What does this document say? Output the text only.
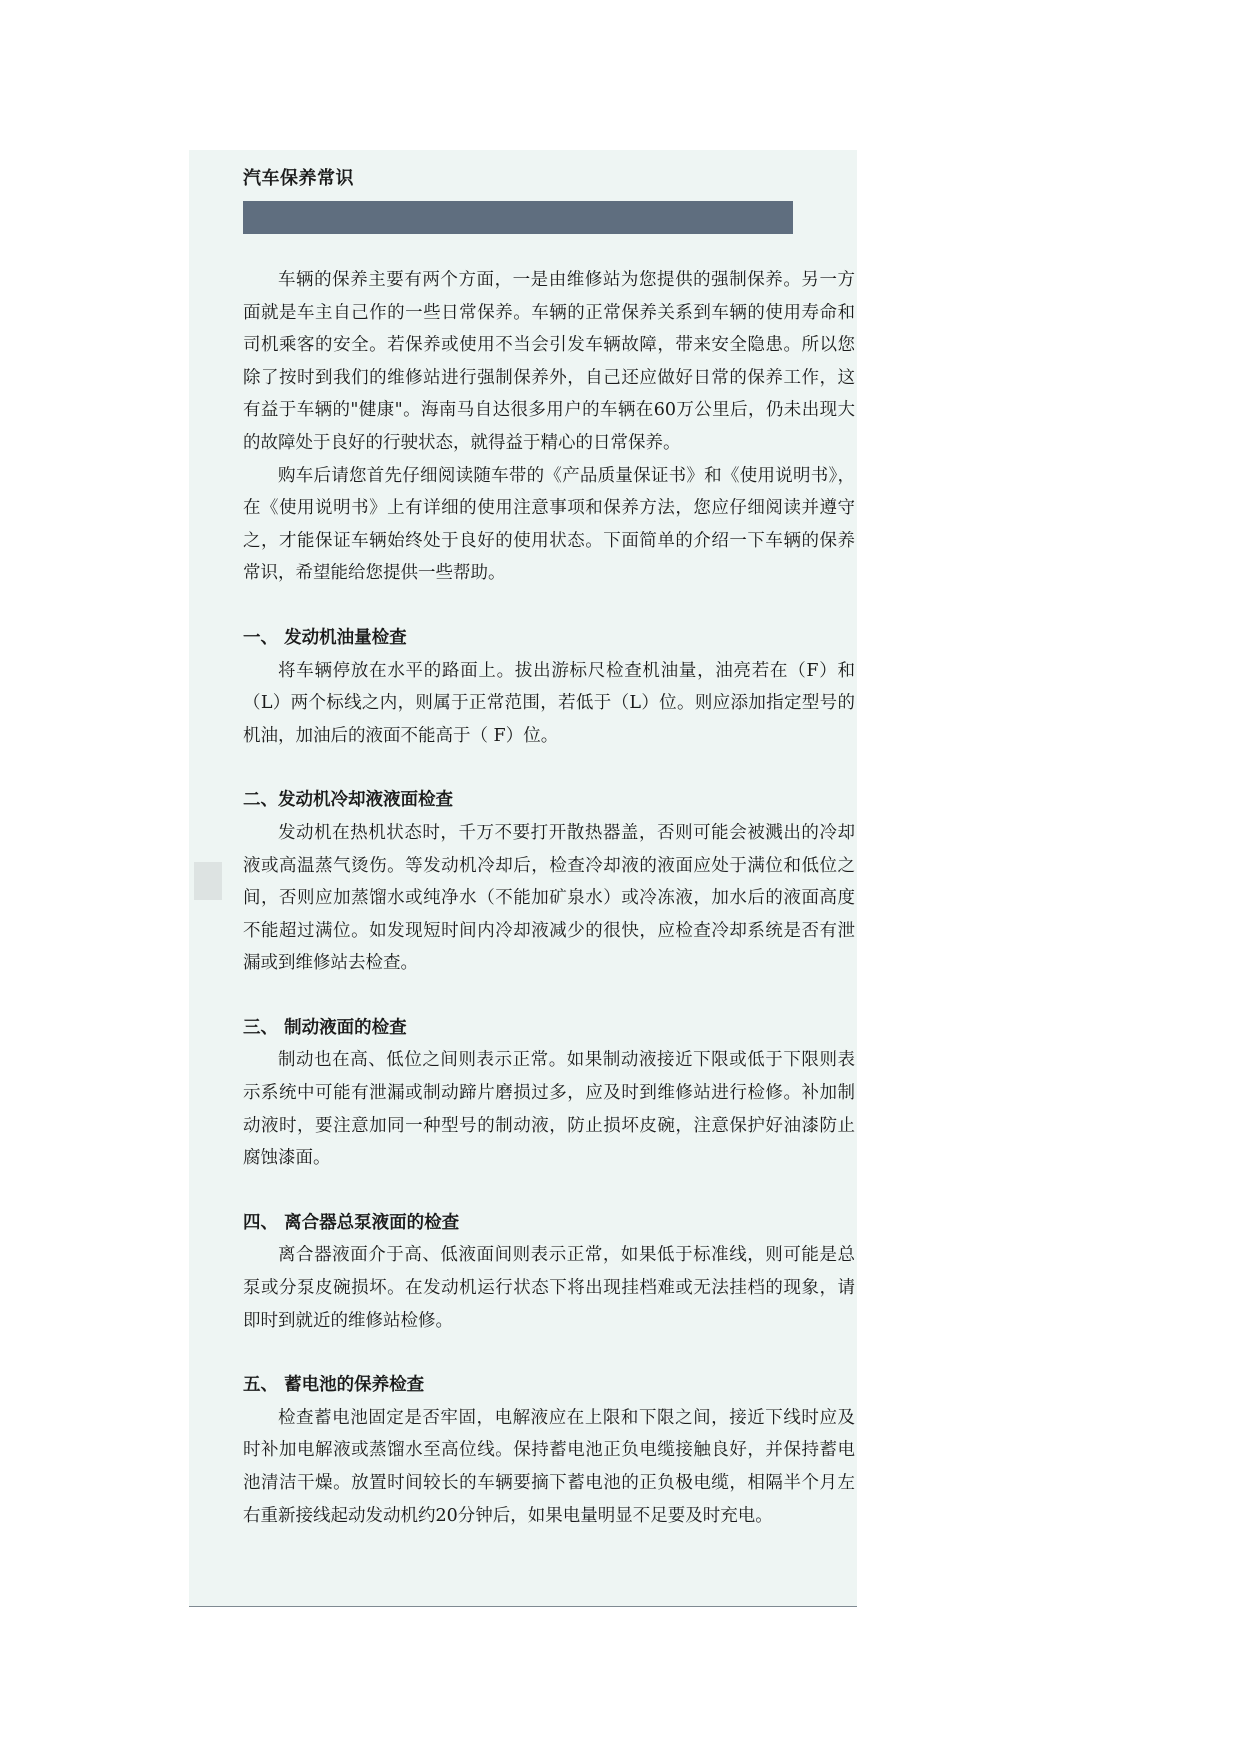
汽车保养常识

车辆的保养主要有两个方面，一是由维修站为您提供的强制保养。另一方面就是车主自己作的一些日常保养。车辆的正常保养关系到车辆的使用寿命和司机乘客的安全。若保养或使用不当会引发车辆故障，带来安全隐患。所以您除了按时到我们的维修站进行强制保养外，自己还应做好日常的保养工作，这有益于车辆的"健康"。海南马自达很多用户的车辆在60万公里后，仍未出现大的故障处于良好的行驶状态，就得益于精心的日常保养。

购车后请您首先仔细阅读随车带的《产品质量保证书》和《使用说明书》，在《使用说明书》上有详细的使用注意事项和保养方法，您应仔细阅读并遵守之，才能保证车辆始终处于良好的使用状态。下面简单的介绍一下车辆的保养常识，希望能给您提供一些帮助。

一、 发动机油量检查

将车辆停放在水平的路面上。拔出游标尺检查机油量，油亮若在（F）和（L）两个标线之内，则属于正常范围，若低于（L）位。则应添加指定型号的机油，加油后的液面不能高于（ F）位。

二、发动机冷却液液面检查

发动机在热机状态时，千万不要打开散热器盖，否则可能会被溅出的冷却液或高温蒸气烫伤。等发动机冷却后，检查冷却液的液面应处于满位和低位之间，否则应加蒸馏水或纯净水（不能加矿泉水）或冷冻液，加水后的液面高度不能超过满位。如发现短时间内冷却液减少的很快，应检查冷却系统是否有泄漏或到维修站去检查。

三、 制动液面的检查

制动也在高、低位之间则表示正常。如果制动液接近下限或低于下限则表示系统中可能有泄漏或制动蹄片磨损过多，应及时到维修站进行检修。补加制动液时，要注意加同一种型号的制动液，防止损坏皮碗，注意保护好油漆防止腐蚀漆面。

四、 离合器总泵液面的检查

离合器液面介于高、低液面间则表示正常，如果低于标准线，则可能是总泵或分泵皮碗损坏。在发动机运行状态下将出现挂档难或无法挂档的现象，请即时到就近的维修站检修。

五、 蓄电池的保养检查

检查蓄电池固定是否牢固，电解液应在上限和下限之间，接近下线时应及时补加电解液或蒸馏水至高位线。保持蓄电池正负电缆接触良好，并保持蓄电池清洁干燥。放置时间较长的车辆要摘下蓄电池的正负极电缆，相隔半个月左右重新接线起动发动机约20分钟后，如果电量明显不足要及时充电。
